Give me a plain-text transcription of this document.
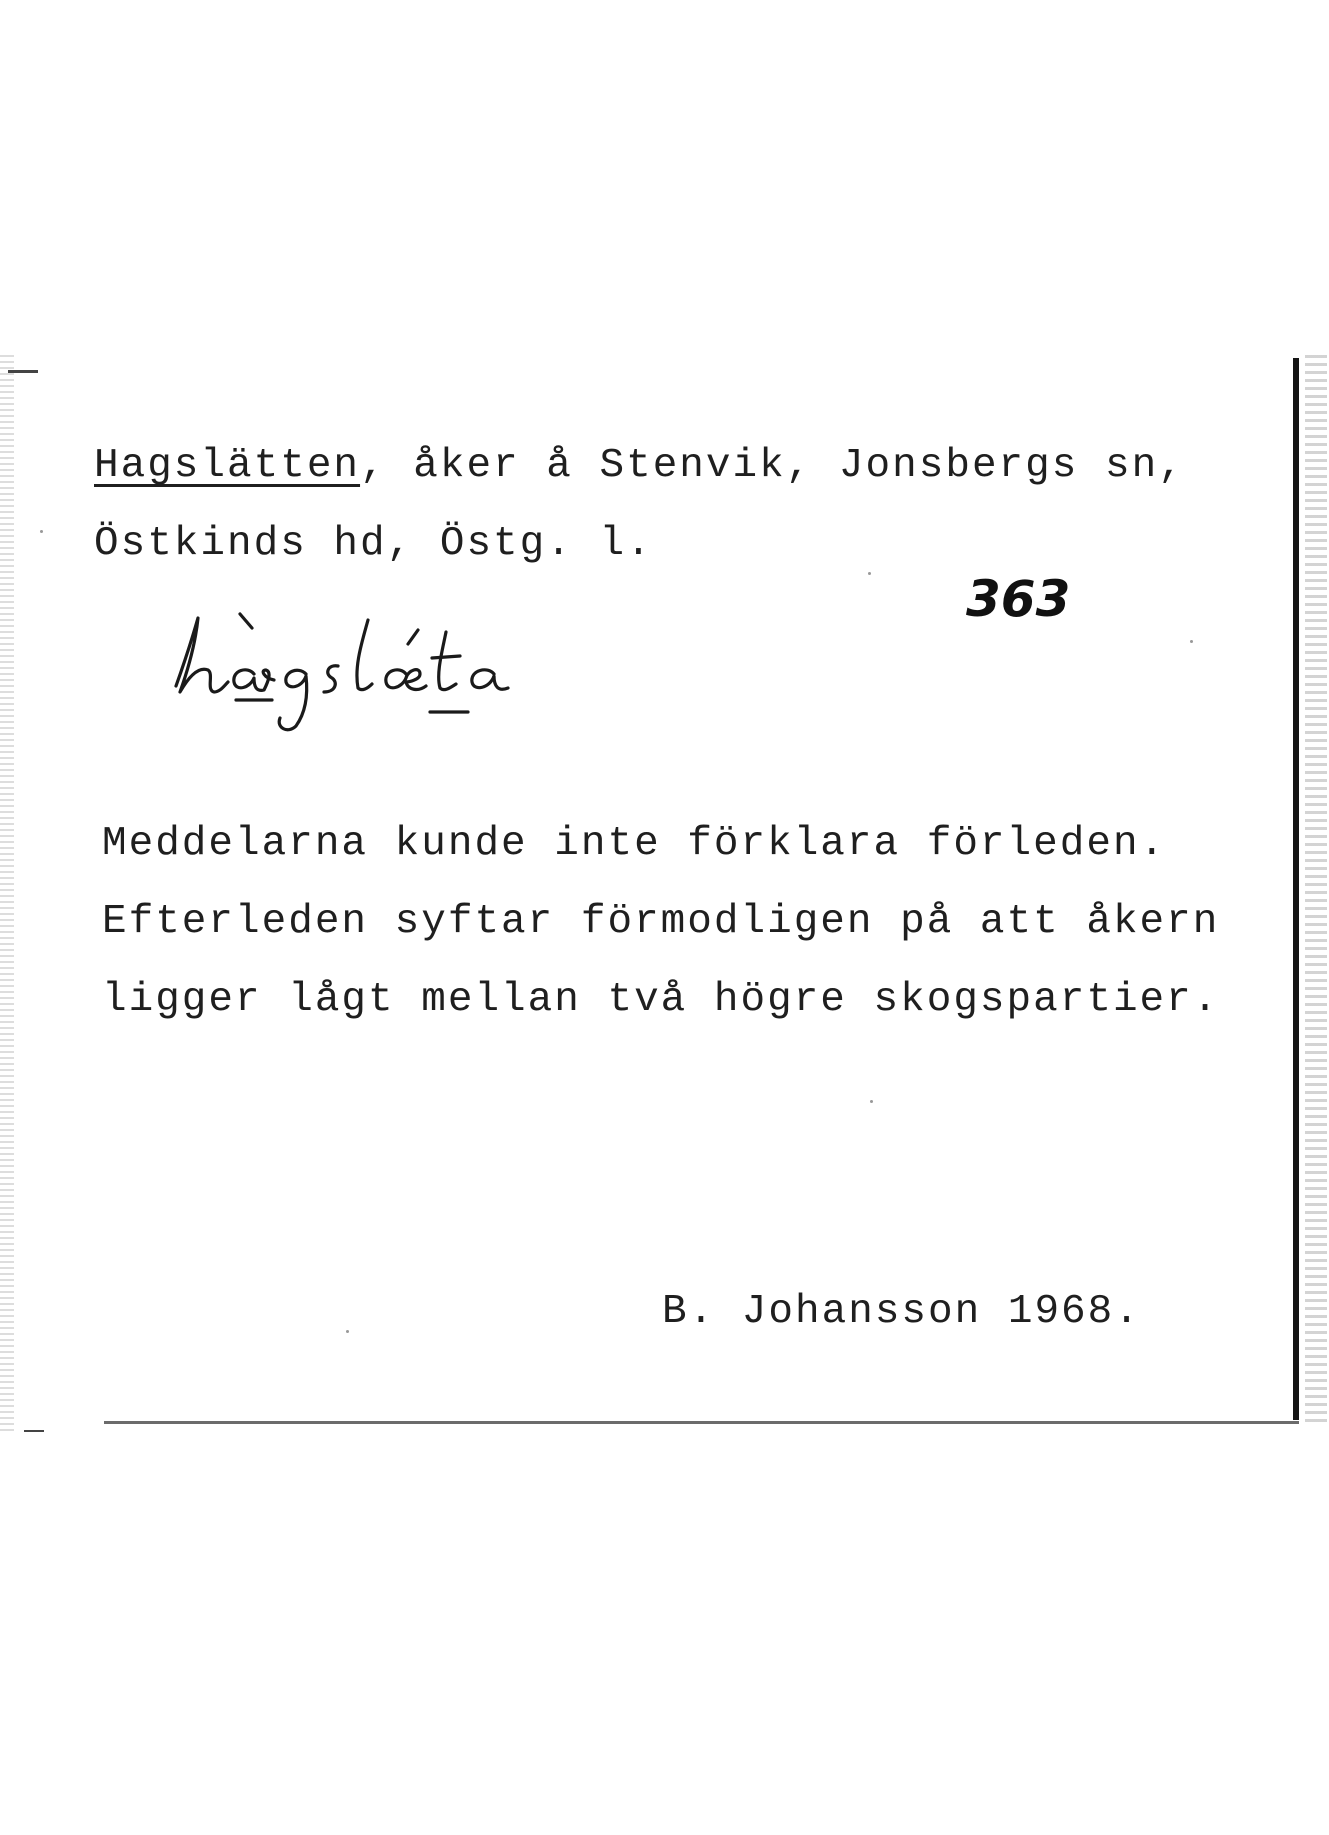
Hagslätten, åker å Stenvik, Jonsbergs sn,
Östkinds hd, Östg. l.
363
Meddelarna kunde inte förklara förleden.
Efterleden syftar förmodligen på att åkern
ligger lågt mellan två högre skogspartier.
B. Johansson 1968.
